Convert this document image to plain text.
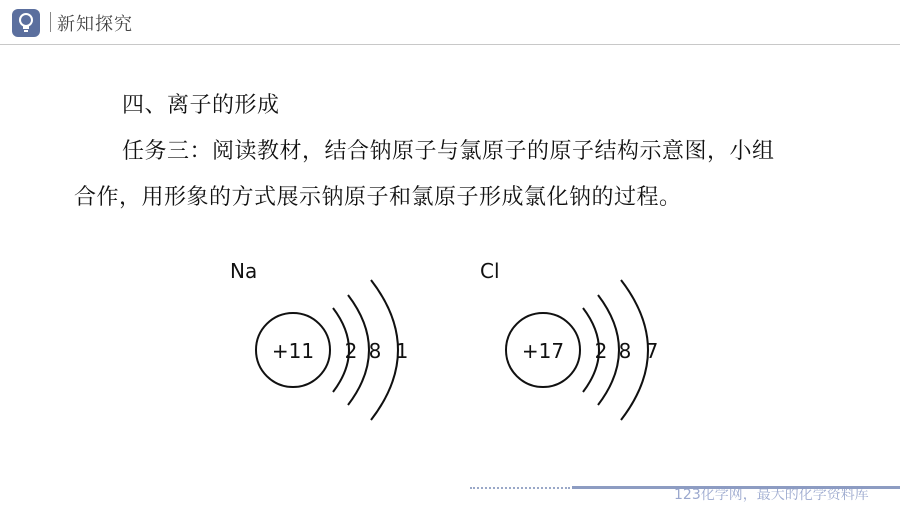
新知探究
四、离子的形成
任务三：阅读教材，结合钠原子与氯原子的原子结构示意图，小组
合作，用形象的方式展示钠原子和氯原子形成氯化钠的过程。
Na	Cl
+11 2 8 1	+17 2 8 7
123化学网，最大的化学资料库
